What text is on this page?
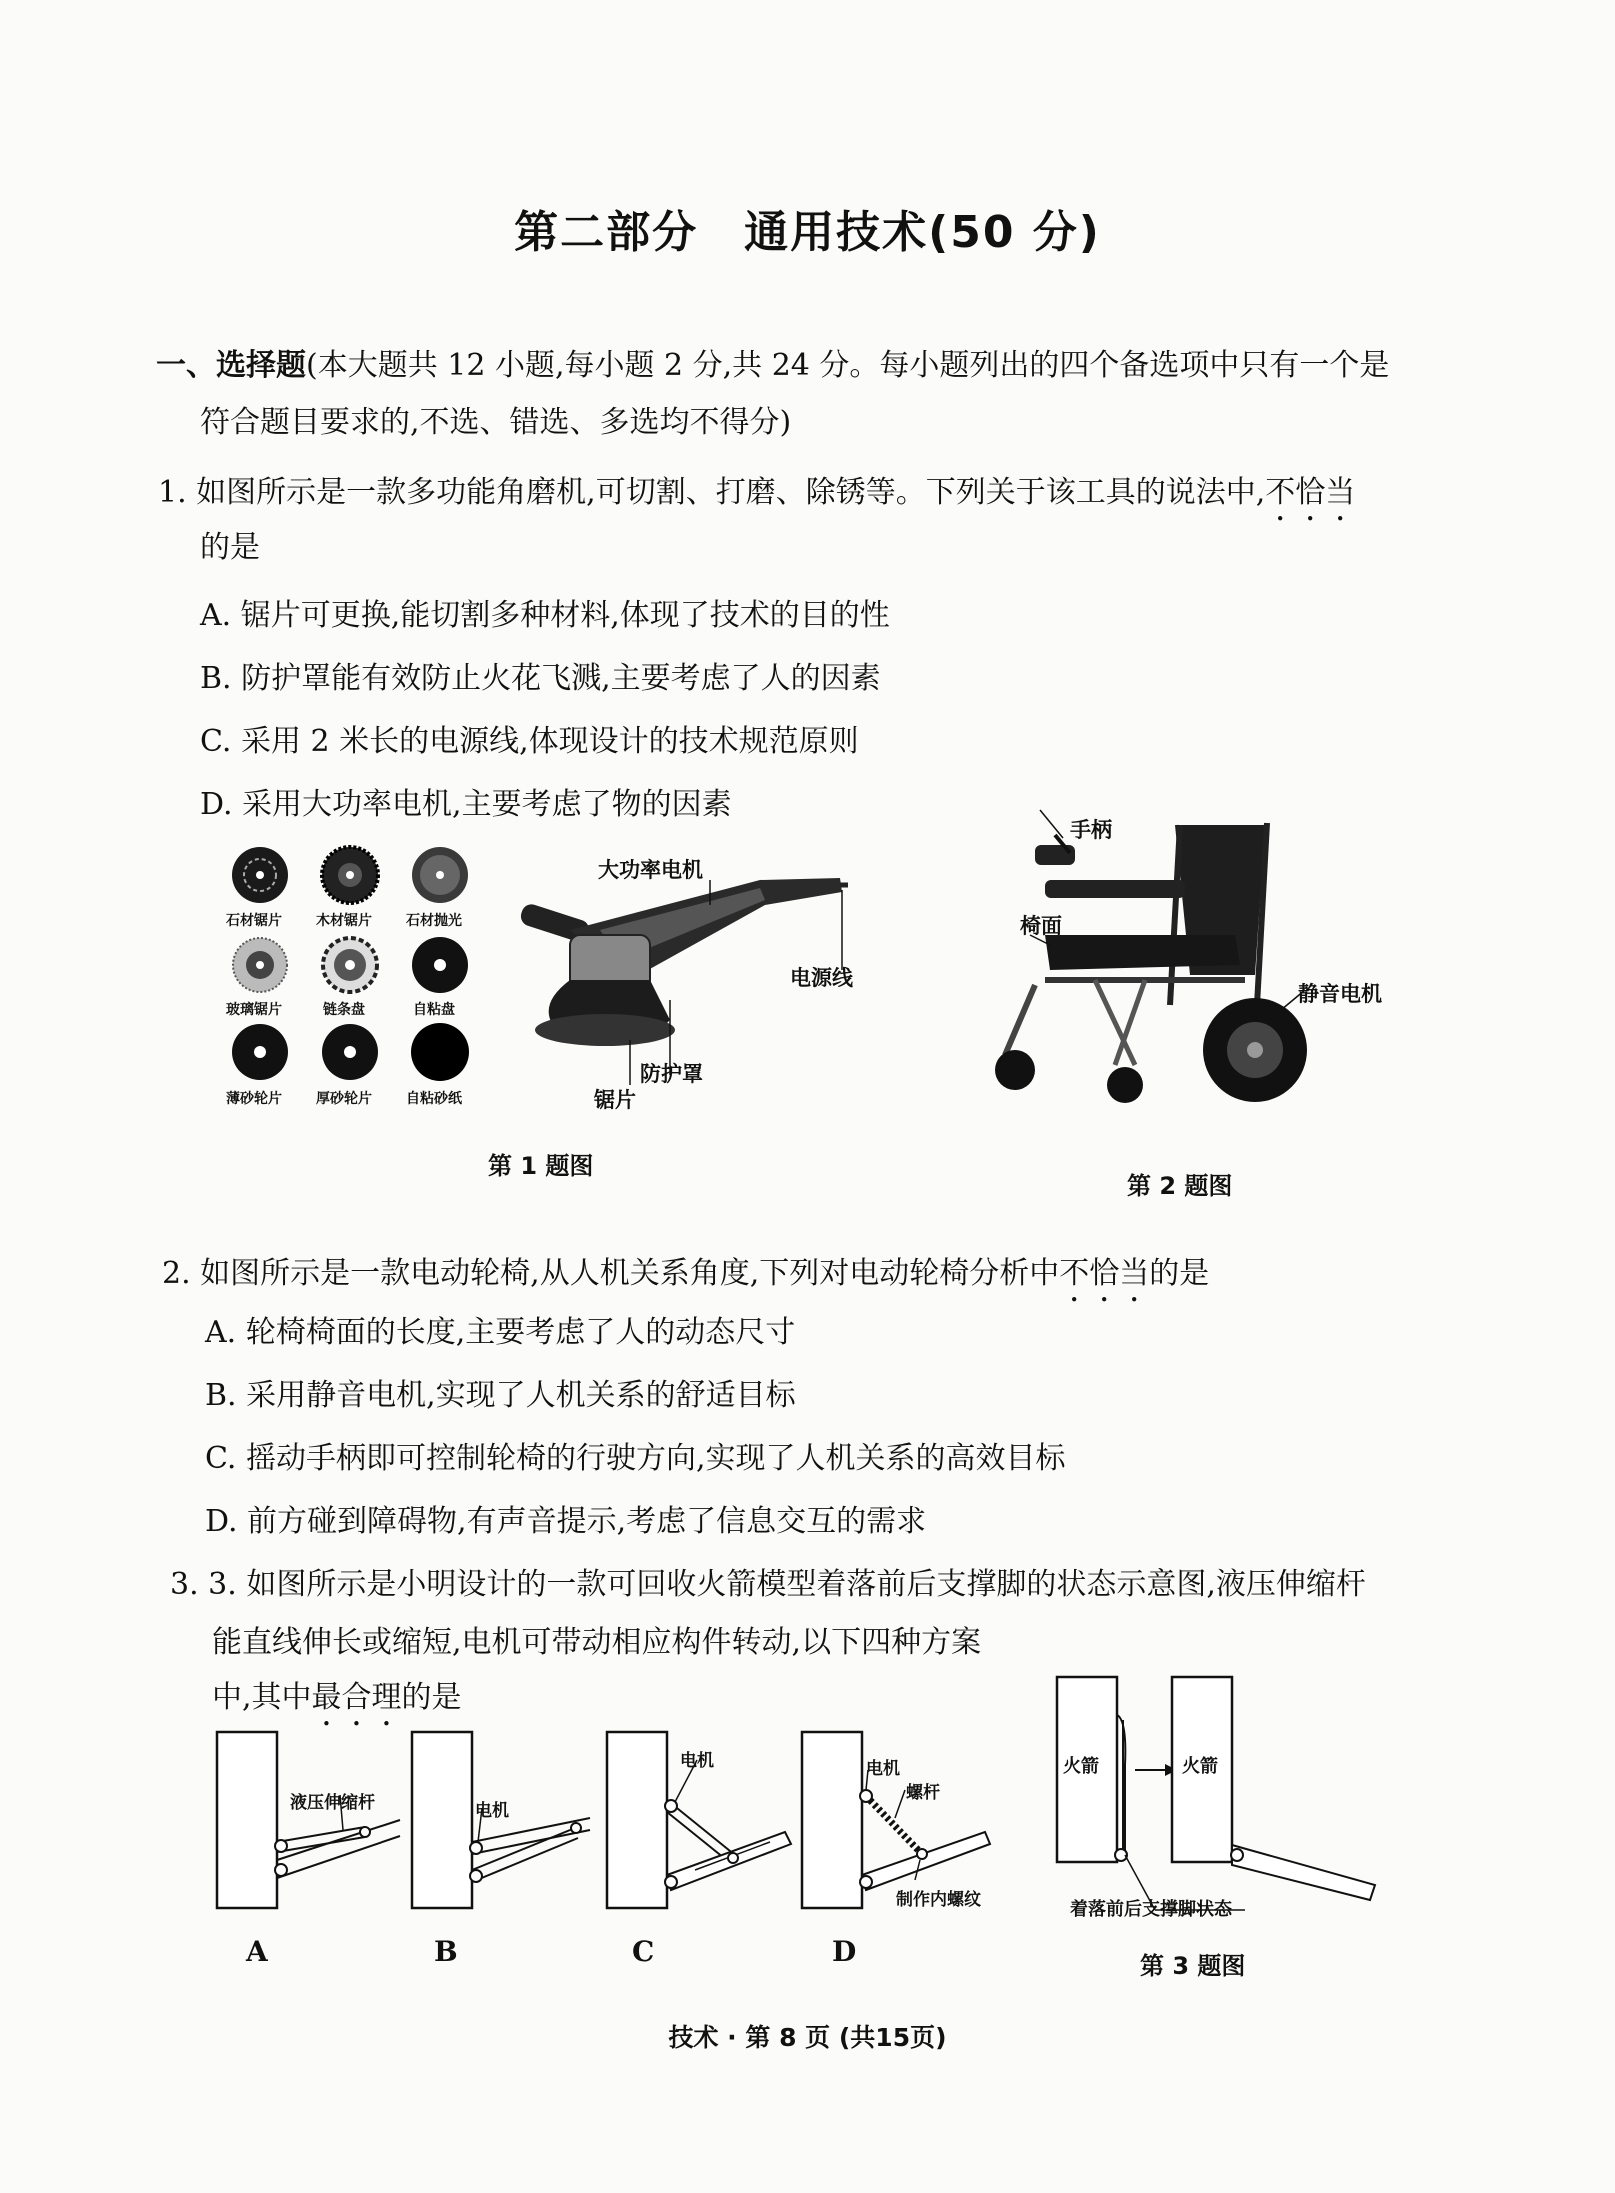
第二部分　通用技术(50 分)
一、选择题(本大题共 12 小题,每小题 2 分,共 24 分。每小题列出的四个备选项中只有一个是
符合题目要求的,不选、错选、多选均不得分)
1. 如图所示是一款多功能角磨机,可切割、打磨、除锈等。下列关于该工具的说法中,不恰当
的是
A. 锯片可更换,能切割多种材料,体现了技术的目的性
B. 防护罩能有效防止火花飞溅,主要考虑了人的因素
C. 采用 2 米长的电源线,体现设计的技术规范原则
D. 采用大功率电机,主要考虑了物的因素
石材锯片 木材锯片 石材抛光
玻璃锯片	链条盘	自粘盘
薄砂轮片 厚砂轮片 自粘砂纸
大功率电机
电源线
防护罩
锯片
第 1 题图
手柄
椅面
静音电机
第 2 题图
2. 如图所示是一款电动轮椅,从人机关系角度,下列对电动轮椅分析中不恰当的是
A. 轮椅椅面的长度,主要考虑了人的动态尺寸
B. 采用静音电机,实现了人机关系的舒适目标
C. 摇动手柄即可控制轮椅的行驶方向,实现了人机关系的高效目标
D. 前方碰到障碍物,有声音提示,考虑了信息交互的需求
3. 3. 如图所示是小明设计的一款可回收火箭模型着落前后支撑脚的状态示意图,液压伸缩杆
能直线伸长或缩短,电机可带动相应构件转动,以下四种方案
中,其中最合理的是
液压伸缩杆
A
电机
B
电机
C
电机
螺杆
制作内螺纹
D
火箭	火箭
着落前后支撑脚状态
第 3 题图
技术 · 第 8 页 (共15页)
